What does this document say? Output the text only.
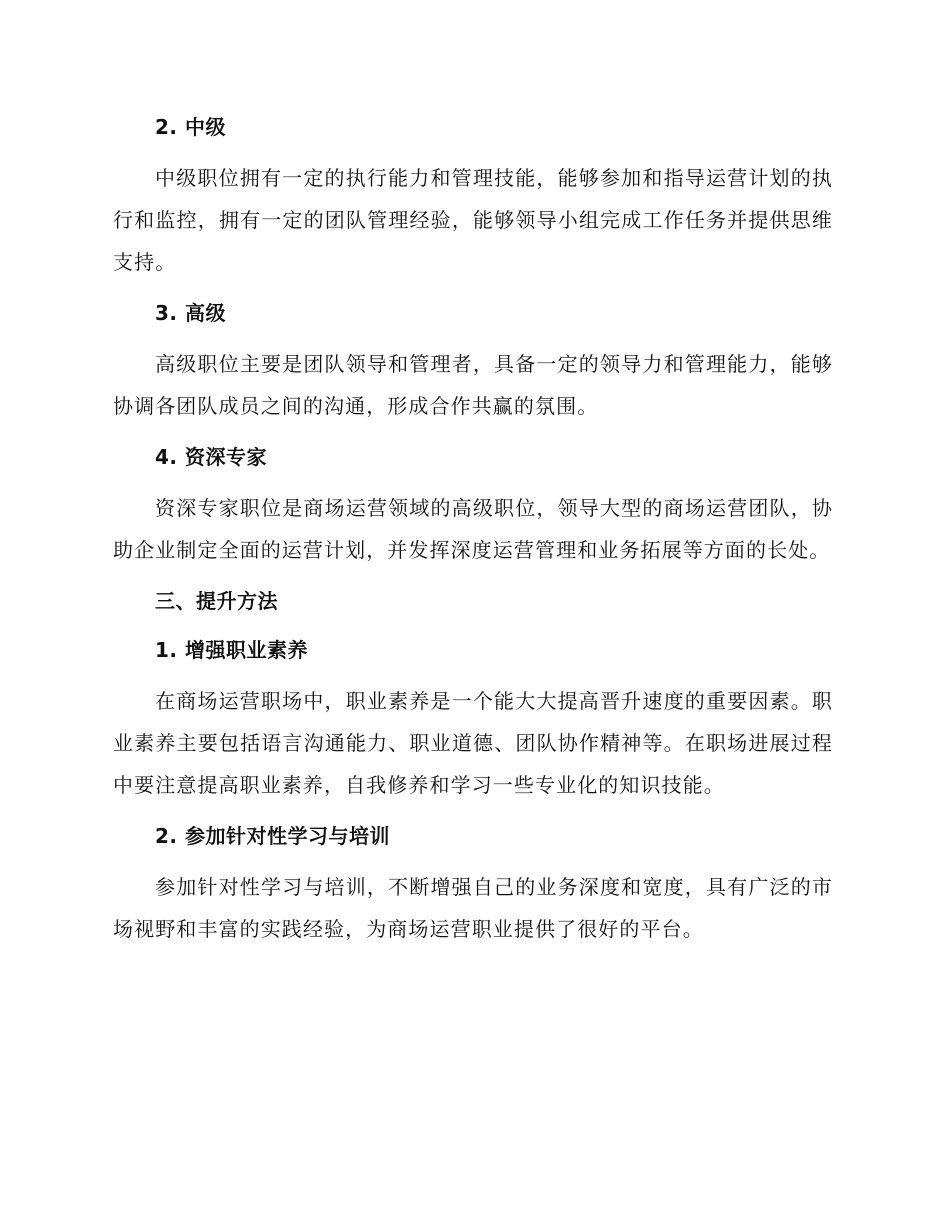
2. 中级

中级职位拥有一定的执行能力和管理技能，能够参加和指导运营计划的执行和监控，拥有一定的团队管理经验，能够领导小组完成工作任务并提供思维支持。

3. 高级

高级职位主要是团队领导和管理者，具备一定的领导力和管理能力，能够协调各团队成员之间的沟通，形成合作共赢的氛围。

4. 资深专家

资深专家职位是商场运营领域的高级职位，领导大型的商场运营团队，协助企业制定全面的运营计划，并发挥深度运营管理和业务拓展等方面的长处。

三、提升方法
1. 增强职业素养

在商场运营职场中，职业素养是一个能大大提高晋升速度的重要因素。职业素养主要包括语言沟通能力、职业道德、团队协作精神等。在职场进展过程中要注意提高职业素养，自我修养和学习一些专业化的知识技能。

2. 参加针对性学习与培训

参加针对性学习与培训，不断增强自己的业务深度和宽度，具有广泛的市场视野和丰富的实践经验，为商场运营职业提供了很好的平台。
